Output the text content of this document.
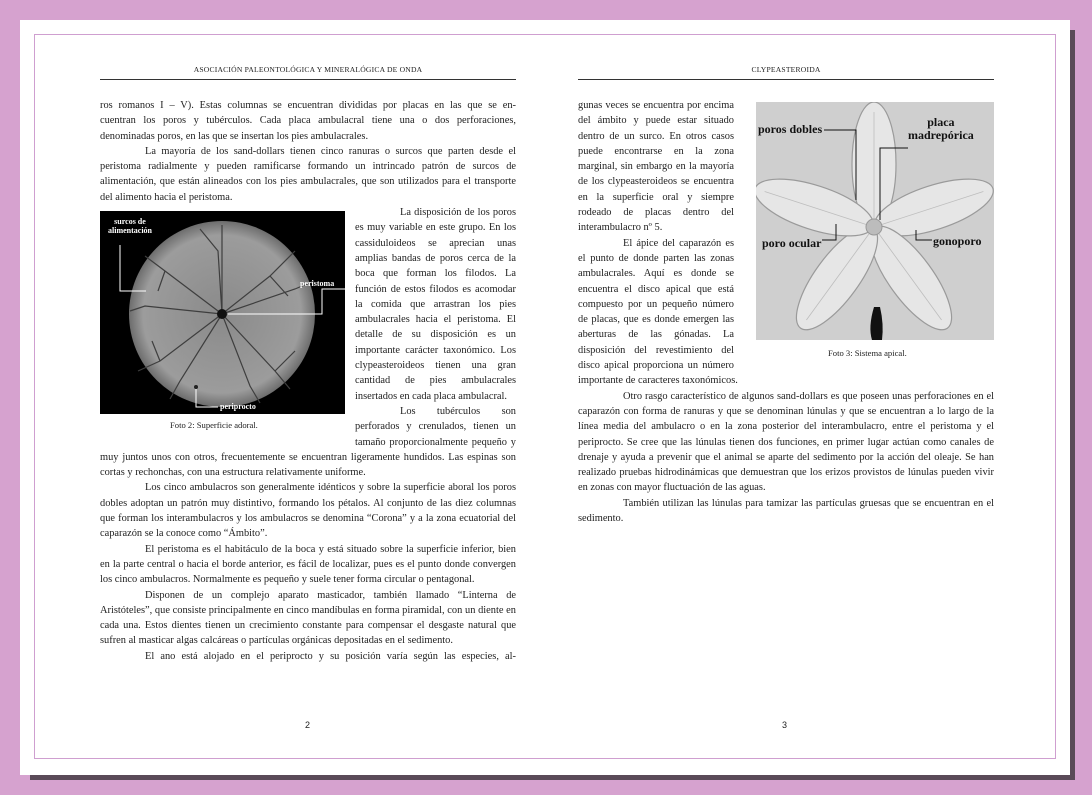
ASOCIACIÓN PALEONTOLÓGICA Y MINERALÓGICA DE ONDA

ros romanos I – V). Estas columnas se encuentran divididas por placas en las que se en-

cuentran los poros y tubérculos. Cada placa ambulacral tiene una o dos perforaciones,

denominadas poros, en las que se insertan los pies ambulacrales.

La mayoría de los sand-dollars tienen cinco ranuras o surcos que parten desde el peristoma radialmente y pueden ramificarse formando un intrincado patrón de surcos de alimentación, que están alineados con los pies ambulacrales, que son utilizados para el transporte del alimento hacia el peristoma.

surcos de
alimentación
peristoma
periprocto
Foto 2: Superficie adoral.

La disposición de los poros es muy variable en este grupo. En los cassiduloideos se aprecian unas amplias bandas de poros cerca de la boca que forman los filodos. La función de estos filodos es acomodar la comida que arrastran los pies ambulacrales hacia el peristoma. El detalle de su disposición es un importante carácter taxonómico. Los clypeasteroideos tienen una gran cantidad de pies ambulacrales insertados en cada placa ambulacral.

Los tubérculos son perforados y crenulados, tienen un tamaño proporcionalmente pequeño y muy juntos unos con otros, frecuentemente se encuentran ligeramente hundidos. Las espinas son cortas y rechonchas, con una estructura relativamente uniforme.

Los cinco ambulacros son generalmente idénticos y sobre la superficie aboral los poros dobles adoptan un patrón muy distintivo, formando los pétalos. Al conjunto de las diez columnas que forman los interambulacros y los ambulacros se denomina “Corona” y a la zona ecuatorial del caparazón se la conoce como “Ámbito”.

El peristoma es el habitáculo de la boca y está situado sobre la superficie inferior, bien en la parte central o hacia el borde anterior, es fácil de localizar, pues es el punto donde convergen los cinco ambulacros. Normalmente es pequeño y suele tener forma circular o pentagonal.

Disponen de un complejo aparato masticador, también llamado “Linterna de Aristóteles”, que consiste principalmente en cinco mandíbulas en forma piramidal, con un diente en cada una. Estos dientes tienen un crecimiento constante para compensar el desgaste natural que sufren al masticar algas calcáreas o partículas orgánicas depositadas en el sedimento.

El ano está alojado en el periprocto y su posición varía según las especies, al-

2
CLYPEASTEROIDA
poros dobles	placa
madrepórica
poro ocular	gonoporo
Foto 3: Sistema apical.

gunas veces se encuentra por encima del ámbito y puede estar situado dentro de un surco. En otros casos puede encontrarse en la zona marginal, sin embargo en la mayoría de los clypeasteroideos se encuentra en la superficie oral y siempre rodeado de placas dentro del interambulacro nº 5.

El ápice del caparazón es el punto de donde parten las zonas ambulacrales. Aquí es donde se encuentra el disco apical que está compuesto por un pequeño número de placas, que es donde emergen las aberturas de las gónadas. La disposición del revestimiento del disco apical proporciona un número importante de caracteres taxonómicos.

Otro rasgo característico de algunos sand-dollars es que poseen unas perforaciones en el caparazón con forma de ranuras y que se denominan lúnulas y que se encuentran a lo largo de la línea media del ambulacro o en la zona posterior del interambulacro, entre el peristoma y el periprocto. Se cree que las lúnulas tienen dos funciones, en primer lugar actúan como canales de drenaje y ayuda a prevenir que el animal se aparte del sedimento por la acción del oleaje. Se han realizado pruebas hidrodinámicas que demuestran que los erizos provistos de lúnulas pueden vivir en zonas con mayor fluctuación de las aguas.

También utilizan las lúnulas para tamizar las partículas gruesas que se encuentran en el sedimento.

3
